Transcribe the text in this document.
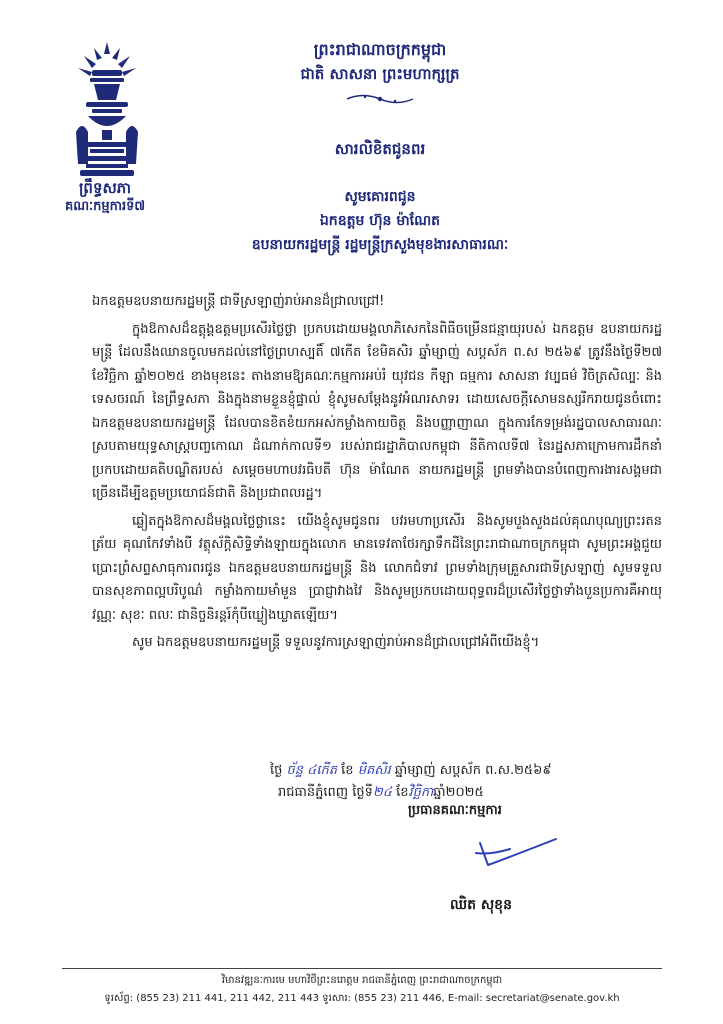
ព្រឹទ្ធសភា
គណៈកម្មការទី៧
ព្រះរាជាណាចក្រកម្ពុជា
ជាតិ សាសនា ព្រះមហាក្សត្រ
សារលិខិតជូនពរ
សូមគោរពជូន
ឯកឧត្តម ហ៊ុន ម៉ាណែត
ឧបនាយករដ្ឋមន្ត្រី រដ្ឋមន្ត្រីក្រសួងមុខងារសាធារណៈ

ឯកឧត្តមឧបនាយករដ្ឋមន្ត្រី ជាទីស្រឡាញ់រាប់អានដ៏ជ្រាលជ្រៅ!

ក្នុងឱកាសដ៏ឧត្តុង្គឧត្តមប្រសើរថ្លៃថ្លា ប្រកបដោយមង្គលាភិសេកនៃពិធីចម្រើនជន្មាយុរបស់ ឯកឧត្តម ឧបនាយករដ្ឋមន្ត្រី ដែលនឹងឈានចូលមកដល់នៅថ្ងៃព្រហស្បតិ៍ ៧កើត ខែមិគសិរ ឆ្នាំម្សាញ់ សប្តស័ក ព.ស ២៥៦៩ ត្រូវនឹងថ្ងៃទី២៧ ខែវិច្ឆិកា ឆ្នាំ២០២៥ ខាងមុខនេះ តាងនាមឱ្យគណៈកម្មការអប់រំ យុវជន កីឡា ធម្មការ សាសនា វប្បធម៌ វិចិត្រសិល្បៈ និងទេសចរណ៍ នៃព្រឹទ្ធសភា និងក្នុងនាមខ្លួនខ្ញុំផ្ទាល់ ខ្ញុំសូមសម្តែងនូវអំណរសាទរ ដោយសេចក្តីសោមនស្សរីករាយជូនចំពោះ ឯកឧត្តមឧបនាយករដ្ឋមន្ត្រី ដែលបានខិតខំយកអស់កម្លាំងកាយចិត្ត និងបញ្ញាញាណ ក្នុងការកែទម្រង់រដ្ឋបាលសាធារណៈ ស្របតាមយុទ្ធសាស្ត្របញ្ចកោណ ដំណាក់កាលទី១ របស់រាជរដ្ឋាភិបាលកម្ពុជា នីតិកាលទី៧ នៃរដ្ឋសភាក្រោមការដឹកនាំប្រកបដោយគតិបណ្ឌិតរបស់ សម្តេចមហាបវរធិបតី ហ៊ុន ម៉ាណែត នាយករដ្ឋមន្ត្រី ព្រមទាំងបានបំពេញការងារសង្គមជាច្រើនដើម្បីឧត្តមប្រយោជន៍ជាតិ និងប្រជាពលរដ្ឋ។

ឆ្លៀតក្នុងឱកាសដ៏មង្គលថ្លៃថ្លានេះ យើងខ្ញុំសូមជូនពរ បវរមហាប្រសើរ និងសូមបួងសួងដល់គុណបុណ្យព្រះរតនត្រ័យ គុណកែវទាំងបី វត្ថុស័ក្តិសិទ្ធិទាំងឡាយក្នុងលោក មានទេវតាថែរក្សាទឹកដីនៃព្រះរាជាណាចក្រកម្ពុជា សូមព្រះអង្គជួយប្រោះព្រំសព្ទសាធុការពរជូន ឯកឧត្តមឧបនាយករដ្ឋមន្ត្រី និង លោកជំទាវ ព្រមទាំងក្រុមគ្រួសារជាទីស្រឡាញ់ សូមទទួលបានសុខភាពល្អបរិបូណ៌ កម្លាំងកាយមាំមួន ប្រាជ្ញាវាងវៃ និងសូមប្រកបដោយពុទ្ធពរដ៏ប្រសើរថ្លៃថ្លាទាំងបួនប្រការគឺអាយុ វណ្ណៈ សុខៈ ពលៈ ជានិច្ចនិរន្តរ៍កុំបីឃ្លៀងឃ្លាតឡើយ។

សូម ឯកឧត្តមឧបនាយករដ្ឋមន្ត្រី ទទួលនូវការស្រឡាញ់រាប់អានដ៏ជ្រាលជ្រៅអំពីយើងខ្ញុំ។

ថ្ងៃ ច័ន្ទ ៤កើត ខែ មិគសិរ ឆ្នាំម្សាញ់ សប្តស័ក ព.ស.២៥៦៩
រាជធានីភ្នំពេញ ថ្ងៃទី២៤ ខែវិច្ឆិកាឆ្នាំ២០២៥
ប្រធានគណៈកម្មការ
ឈិត សុខុន
វិមានវឌ្ឍនៈការមេ មហាវិថីព្រះនរោត្តម រាជធានីភ្នំពេញ ព្រះរាជាណាចក្រកម្ពុជា
ទូរស័ព្ទ: (855 23) 211 441, 211 442, 211 443 ទូរសារ: (855 23) 211 446, E-mail: secretariat@senate.gov.kh
